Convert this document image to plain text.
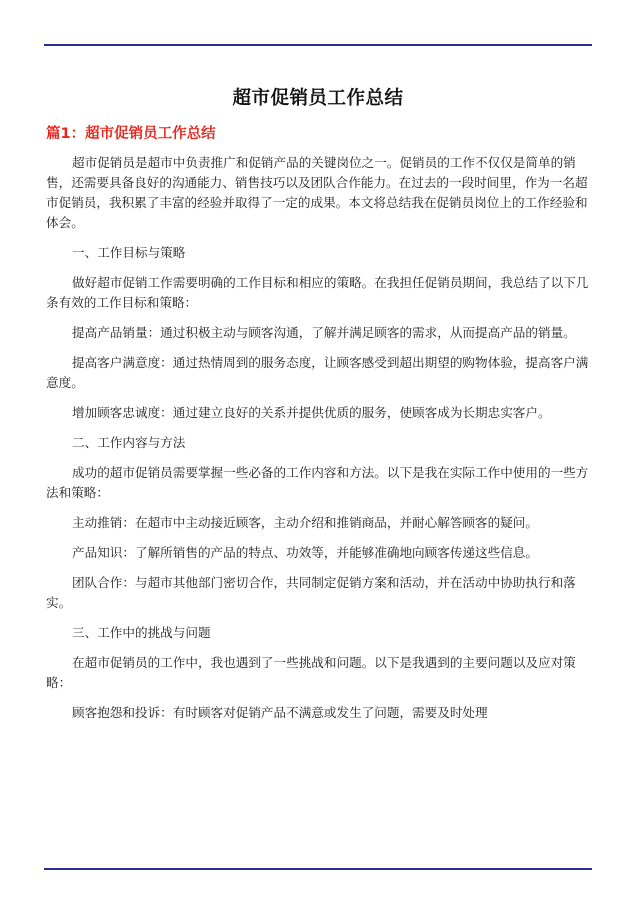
超市促销员工作总结
篇1：超市促销员工作总结

超市促销员是超市中负责推广和促销产品的关键岗位之一。促销员的工作不仅仅是简单的销售，还需要具备良好的沟通能力、销售技巧以及团队合作能力。在过去的一段时间里，作为一名超市促销员，我积累了丰富的经验并取得了一定的成果。本文将总结我在促销员岗位上的工作经验和体会。

一、工作目标与策略

做好超市促销工作需要明确的工作目标和相应的策略。在我担任促销员期间，我总结了以下几条有效的工作目标和策略：

提高产品销量：通过积极主动与顾客沟通，了解并满足顾客的需求，从而提高产品的销量。

提高客户满意度：通过热情周到的服务态度，让顾客感受到超出期望的购物体验，提高客户满意度。

增加顾客忠诚度：通过建立良好的关系并提供优质的服务，使顾客成为长期忠实客户。

二、工作内容与方法

成功的超市促销员需要掌握一些必备的工作内容和方法。以下是我在实际工作中使用的一些方法和策略：

主动推销：在超市中主动接近顾客，主动介绍和推销商品，并耐心解答顾客的疑问。

产品知识：了解所销售的产品的特点、功效等，并能够准确地向顾客传递这些信息。

团队合作：与超市其他部门密切合作，共同制定促销方案和活动，并在活动中协助执行和落实。

三、工作中的挑战与问题

在超市促销员的工作中，我也遇到了一些挑战和问题。以下是我遇到的主要问题以及应对策略：

顾客抱怨和投诉：有时顾客对促销产品不满意或发生了问题，需要及时处理
